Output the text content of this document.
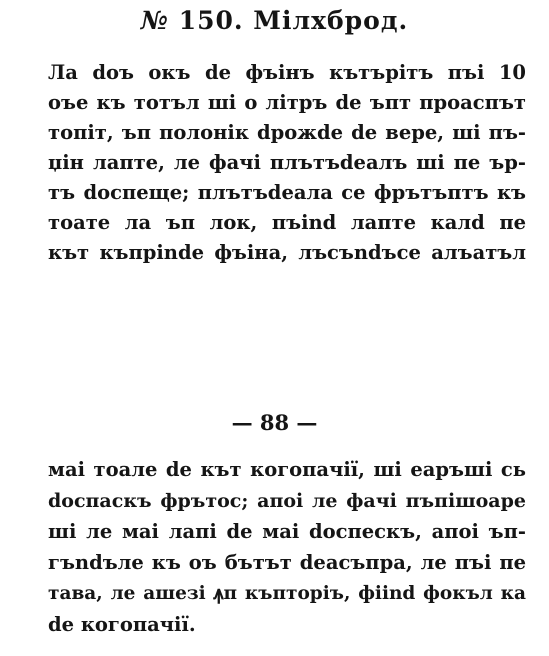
№ 150. Мілхброд.
Ла doъ окъ de фъінъ кътърітъ пъі 10
оъе къ тотъл ші о літръ de ъпт проаспът
топіт, ъп полонік dрожdе de вере, ші пъ-
џін лапте, ле фачі плътъdеалъ ші пе ър-
тъ doспеще; плътъdеала се фрътъптъ къ
тоате ла ъп лок, пъіnd лапте калd пе
кът къпрinde фъіна, лъсъndъсе алъатъл
— 88 —
маі тоале de кът когопачії, ші еаръші сь
doспаскъ фрътос; апоі ле фачі пъпішоаре
ші ле маі лапі de маі doспескъ, апоі ъп-
гъndъле къ оъ бътът deaсъпра, ле пъі пе
тава, ле ашезі ꙟп къпторіъ, фііnd фокъл ка
de когопачії.
